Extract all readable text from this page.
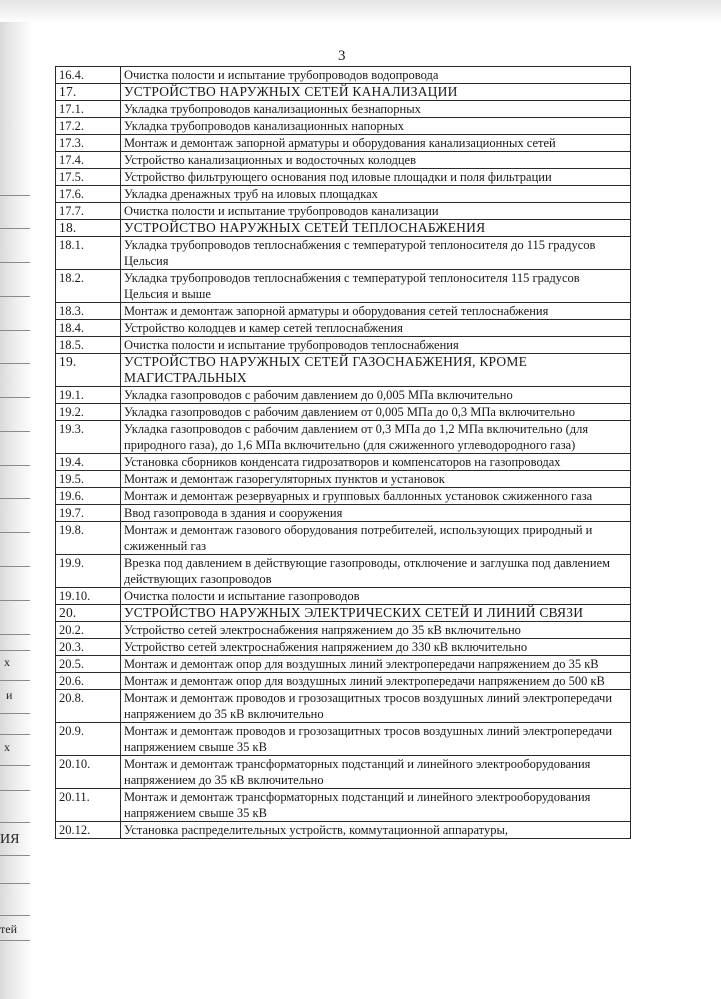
х
и
х
ИЯ
тей
3
16.4.	Очистка полости и испытание трубопроводов водопровода
17.	УСТРОЙСТВО НАРУЖНЫХ СЕТЕЙ КАНАЛИЗАЦИИ
17.1.	Укладка трубопроводов канализационных безнапорных
17.2.	Укладка трубопроводов канализационных напорных
17.3.	Монтаж и демонтаж запорной арматуры и оборудования канализационных сетей
17.4.	Устройство канализационных и водосточных колодцев
17.5.	Устройство фильтрующего основания под иловые площадки и поля фильтрации
17.6.	Укладка дренажных труб на иловых площадках
17.7.	Очистка полости и испытание трубопроводов канализации
18.	УСТРОЙСТВО НАРУЖНЫХ СЕТЕЙ ТЕПЛОСНАБЖЕНИЯ
18.1.	Укладка трубопроводов теплоснабжения с температурой теплоносителя до 115 градусов Цельсия
18.2.	Укладка трубопроводов теплоснабжения с температурой теплоносителя 115 градусов Цельсия и выше
18.3.	Монтаж и демонтаж запорной арматуры и оборудования сетей теплоснабжения
18.4.	Устройство колодцев и камер сетей теплоснабжения
18.5.	Очистка полости и испытание трубопроводов теплоснабжения
19.	УСТРОЙСТВО НАРУЖНЫХ СЕТЕЙ ГАЗОСНАБЖЕНИЯ, КРОМЕ МАГИСТРАЛЬНЫХ
19.1.	Укладка газопроводов с рабочим давлением до 0,005 МПа включительно
19.2.	Укладка газопроводов с рабочим давлением от 0,005 МПа до 0,3 МПа включительно
19.3.	Укладка газопроводов с рабочим давлением от 0,3 МПа до 1,2 МПа включительно (для природного газа), до 1,6 МПа включительно (для сжиженного углеводородного газа)
19.4.	Установка сборников конденсата гидрозатворов и компенсаторов на газопроводах
19.5.	Монтаж и демонтаж газорегуляторных пунктов и установок
19.6.	Монтаж и демонтаж резервуарных и групповых баллонных установок сжиженного газа
19.7.	Ввод газопровода в здания и сооружения
19.8.	Монтаж и демонтаж газового оборудования потребителей, использующих природный и сжиженный газ
19.9.	Врезка под давлением в действующие газопроводы, отключение и заглушка под давлением действующих газопроводов
19.10.	Очистка полости и испытание газопроводов
20.	УСТРОЙСТВО НАРУЖНЫХ ЭЛЕКТРИЧЕСКИХ СЕТЕЙ И ЛИНИЙ СВЯЗИ
20.2.	Устройство сетей электроснабжения напряжением до 35 кВ включительно
20.3.	Устройство сетей электроснабжения напряжением до 330 кВ включительно
20.5.	Монтаж и демонтаж опор для воздушных линий электропередачи напряжением до 35 кВ
20.6.	Монтаж и демонтаж опор для воздушных линий электропередачи напряжением до 500 кВ
20.8.	Монтаж и демонтаж проводов и грозозащитных тросов воздушных линий электропередачи напряжением до 35 кВ включительно
20.9.	Монтаж и демонтаж проводов и грозозащитных тросов воздушных линий электропередачи напряжением свыше 35 кВ
20.10.	Монтаж и демонтаж трансформаторных подстанций и линейного электрооборудования напряжением до 35 кВ включительно
20.11.	Монтаж и демонтаж трансформаторных подстанций и линейного электрооборудования напряжением свыше 35 кВ
20.12.	Установка распределительных устройств, коммутационной аппаратуры,
